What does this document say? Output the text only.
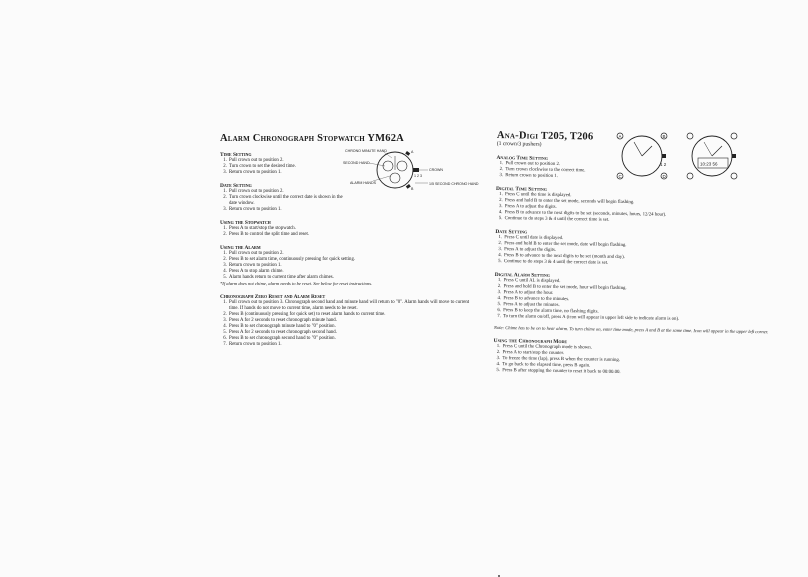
Alarm Chronograph Stopwatch YM62A
Time Setting
1. Pull crown out to position 2.
2. Turn crown to set the desired time.
3. Return crown to position 1.
Date Setting
1. Pull crown out to position 2.
2. Turn crown clockwise until the correct date is shown in the date window.
3. Return crown to position 1.
Using the Stopwatch
1. Press A to start/stop the stopwatch.
2. Press B to control the split time and reset.
Using the Alarm
1. Pull crown out to position 2.
2. Press B to set alarm time, continuously pressing for quick setting.
3. Return crown to position 1.
4. Press A to stop alarm chime.
5. Alarm hands return to current time after alarm chimes.

*If alarm does not chime, alarm needs to be reset. See below for reset instructions.

Chronograph Zero Reset and Alarm Reset
1. Pull crown out to position 3. Chronograph second hand and minute hand will return to "0". Alarm hands will move to current time. If hands do not move to current time, alarm needs to be reset.
2. Press B (continuously pressing for quick set) to reset alarm hands to current time.
3. Press A for 2 seconds to reset chronograph minute hand.
4. Press B to set chronograph minute hand to "0" position.
5. Press A for 2 seconds to reset chronograph second hand.
6. Press B to set chronograph second hand to "0" position.
7. Return crown to position 1.
CHRONO MINUTE HAND
SECOND HAND
ALARM HANDS
CROWN
1/5 SECOND CHRONO HAND
A
B
1 2 3
Ana-Digi T205, T206

(1 crown/3 pushers)

Analog Time Setting
1. Pull crown out to position 2.
2. Turn crown clockwise to the correct time.
3. Return crown to position 1.
Digital Time Setting
1. Press C until the time is displayed.
2. Press and hold B to enter the set mode, seconds will begin flashing.
3. Press A to adjust the digits.
4. Press B to advance to the next digits to be set (seconds, minutes, hours, 12/24 hour).
5. Continue to do steps 3 & 4 until the correct time is set.
Date Setting
1. Press C until date is displayed.
2. Press and hold B to enter the set mode, date will begin flashing.
3. Press A to adjust the digits.
4. Press B to advance to the next digits to be set (month and day).
5. Continue to do steps 3 & 4 until the correct date is set.
Digital Alarm Setting
1. Press C until AL is displayed.
2. Press and hold B to enter the set mode, hour will begin flashing.
3. Press A to adjust the hour.
4. Press B to advance to the minutes.
5. Press A to adjust the minutes.
6. Press B to keep the alarm time, no flashing digits.
7. To turn the alarm on/off, press A (icon will appear in upper left side to indicate alarm is on).

Note: Chime has to be on to hear alarm. To turn chime on, enter time mode, press A and B at the same time. Icon will appear in the upper left corner.

Using the Chronograph Mode
1. Press C until the Chronograph mode is shown.
2. Press A to start/stop the counter.
3. To freeze the time (lap), press B when the counter is running.
4. To go back to the elapsed time, press B again.
5. Press B after stopping the counter to reset it back to 00:00.00.
A	B
C	D
1 2	10:23 56
